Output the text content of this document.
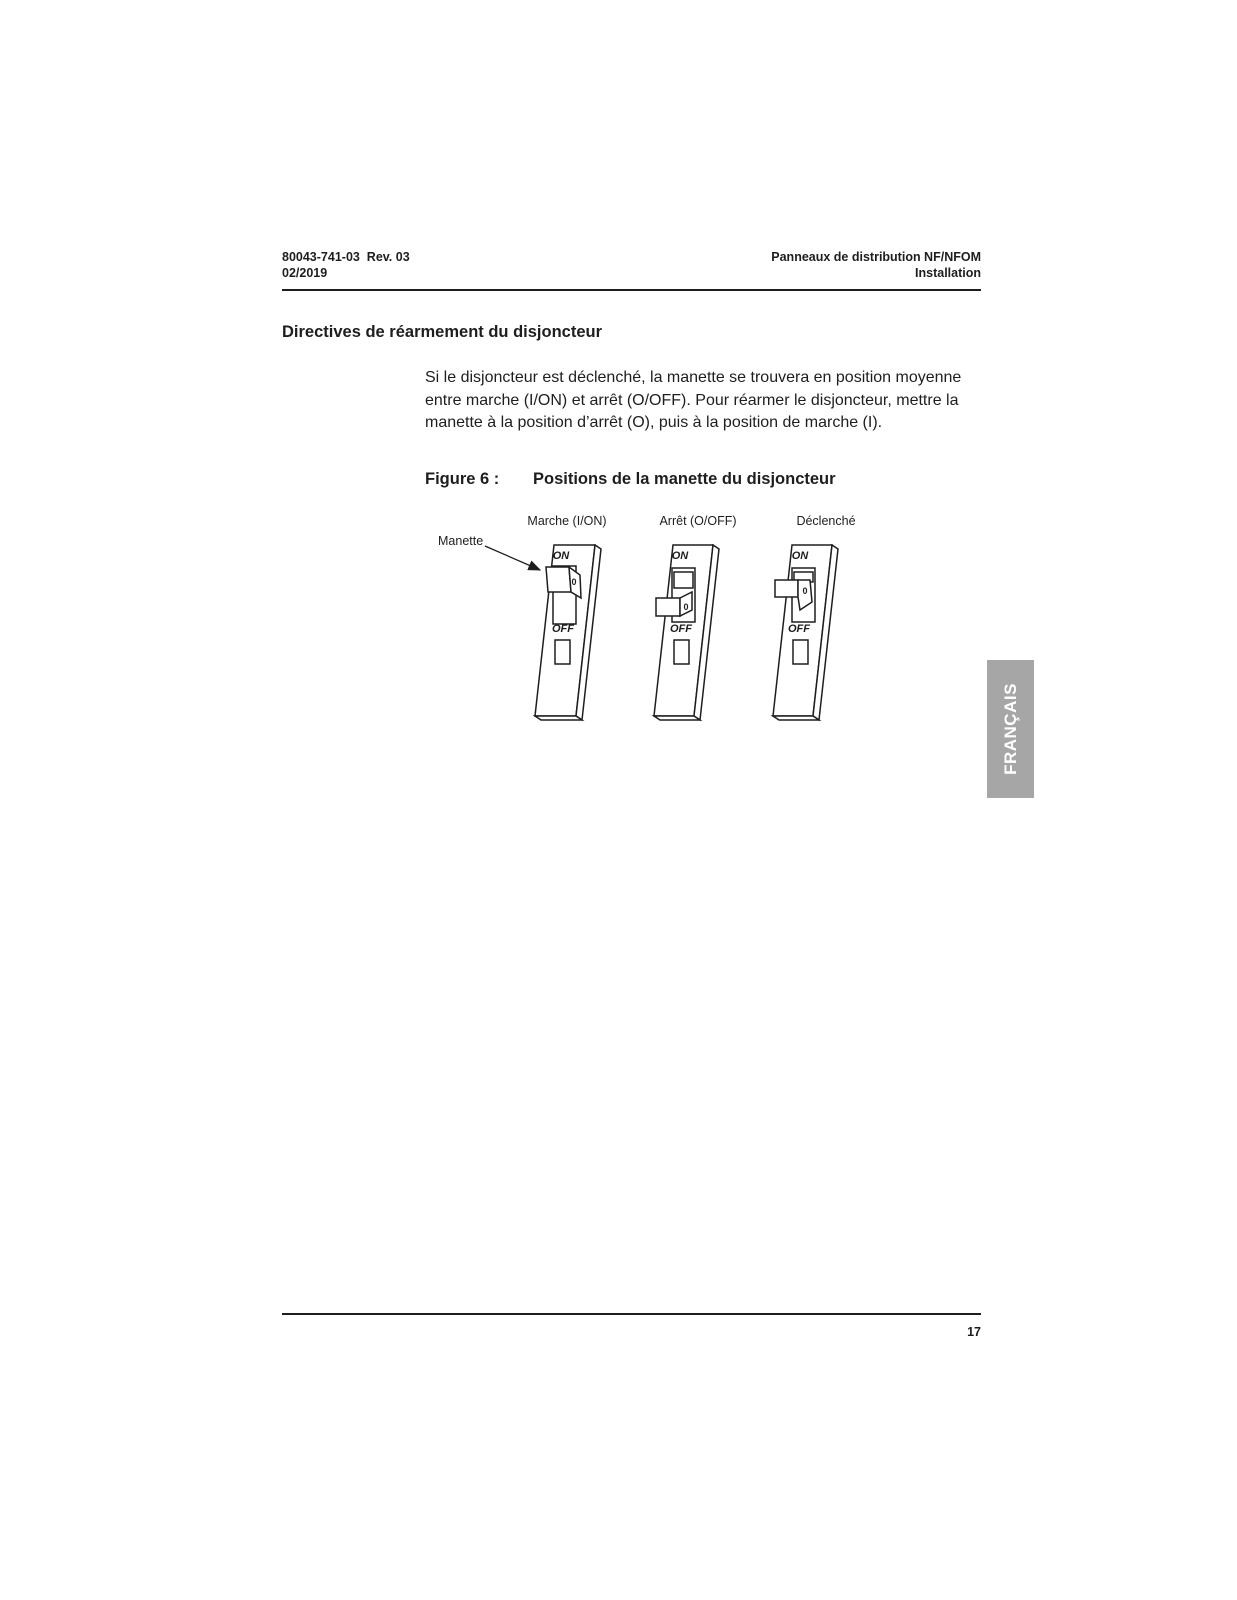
80043-741-03  Rev. 03
02/2019
Panneaux de distribution NF/NFOM
Installation
Directives de réarmement du disjoncteur

Si le disjoncteur est déclenché, la manette se trouvera en position moyenne entre marche (I/ON) et arrêt (O/OFF). Pour réarmer le disjoncteur, mettre la manette à la position d’arrêt (O), puis à la position de marche (I).

Figure 6 : Positions de la manette du disjoncteur
Marche (I/ON)	Arrêt (O/OFF)	Déclenché
Manette
ON
OFF
0
ON
OFF
0
ON
OFF
0
FRANÇAIS
17
